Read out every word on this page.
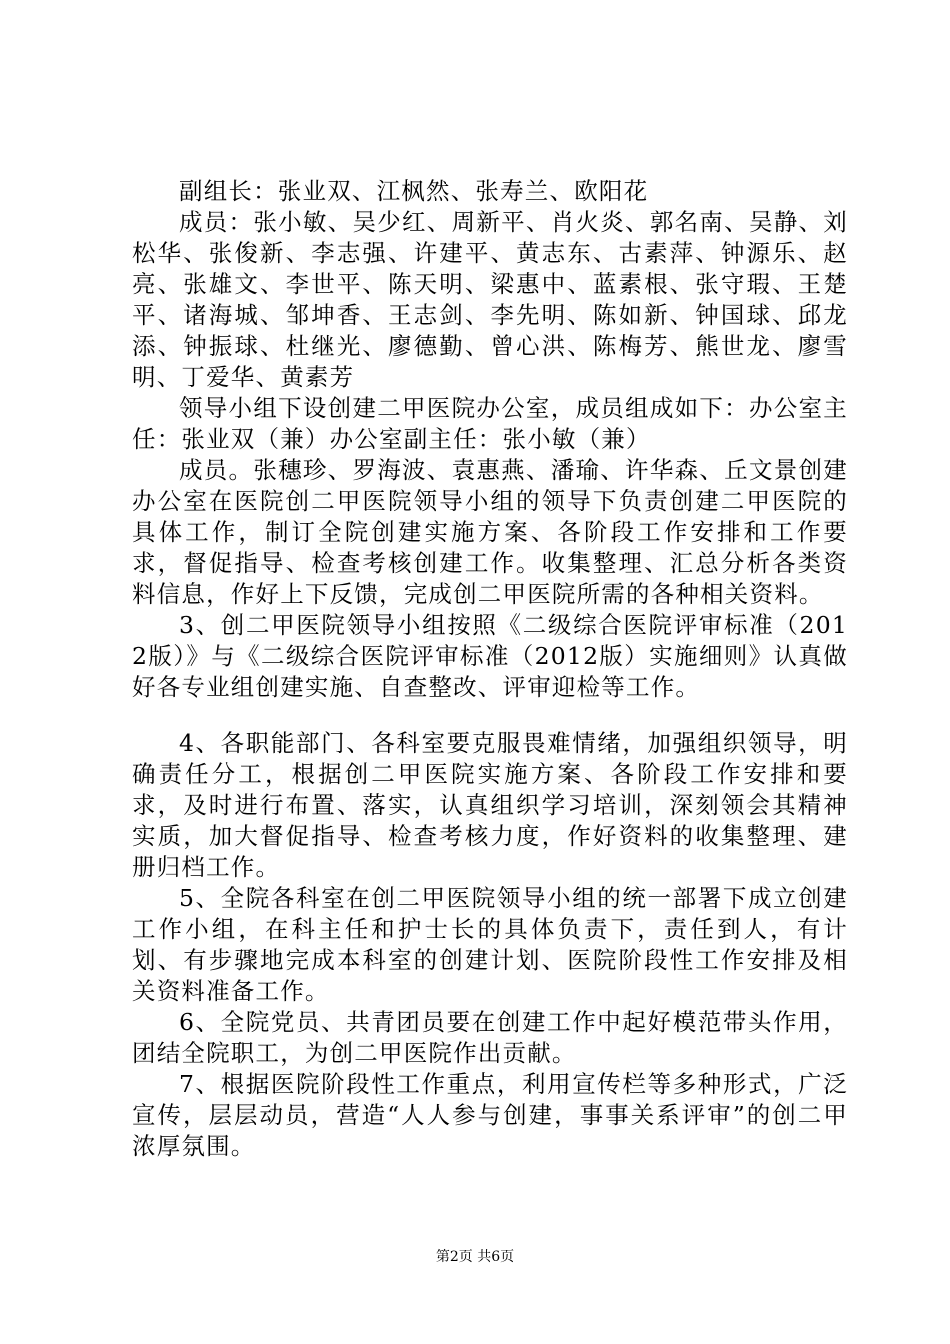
副组长：张业双、江枫然、张寿兰、欧阳花

成员：张小敏、吴少红、周新平、肖火炎、郭名南、吴静、刘松华、张俊新、李志强、许建平、黄志东、古素萍、钟源乐、赵亮、张雄文、李世平、陈天明、梁惠中、蓝素根、张守瑕、王楚平、诸海城、邹坤香、王志剑、李先明、陈如新、钟国球、邱龙添、钟振球、杜继光、廖德勤、曾心洪、陈梅芳、熊世龙、廖雪明、丁爱华、黄素芳

领导小组下设创建二甲医院办公室，成员组成如下：办公室主任：张业双（兼）办公室副主任：张小敏（兼）

成员。张穗珍、罗海波、袁惠燕、潘瑜、许华森、丘文景创建办公室在医院创二甲医院领导小组的领导下负责创建二甲医院的具体工作，制订全院创建实施方案、各阶段工作安排和工作要求，督促指导、检查考核创建工作。收集整理、汇总分析各类资料信息，作好上下反馈，完成创二甲医院所需的各种相关资料。

3、创二甲医院领导小组按照《二级综合医院评审标准（2012版）》与《二级综合医院评审标准（2012版）实施细则》认真做好各专业组创建实施、自查整改、评审迎检等工作。

4、各职能部门、各科室要克服畏难情绪，加强组织领导，明确责任分工，根据创二甲医院实施方案、各阶段工作安排和要求，及时进行布置、落实，认真组织学习培训，深刻领会其精神实质，加大督促指导、检查考核力度，作好资料的收集整理、建册归档工作。

5、全院各科室在创二甲医院领导小组的统一部署下成立创建工作小组，在科主任和护士长的具体负责下，责任到人，有计划、有步骤地完成本科室的创建计划、医院阶段性工作安排及相关资料准备工作。

6、全院党员、共青团员要在创建工作中起好模范带头作用，团结全院职工，为创二甲医院作出贡献。

7、根据医院阶段性工作重点，利用宣传栏等多种形式，广泛宣传，层层动员，营造“人人参与创建，事事关系评审”的创二甲浓厚氛围。

第2页 共6页
